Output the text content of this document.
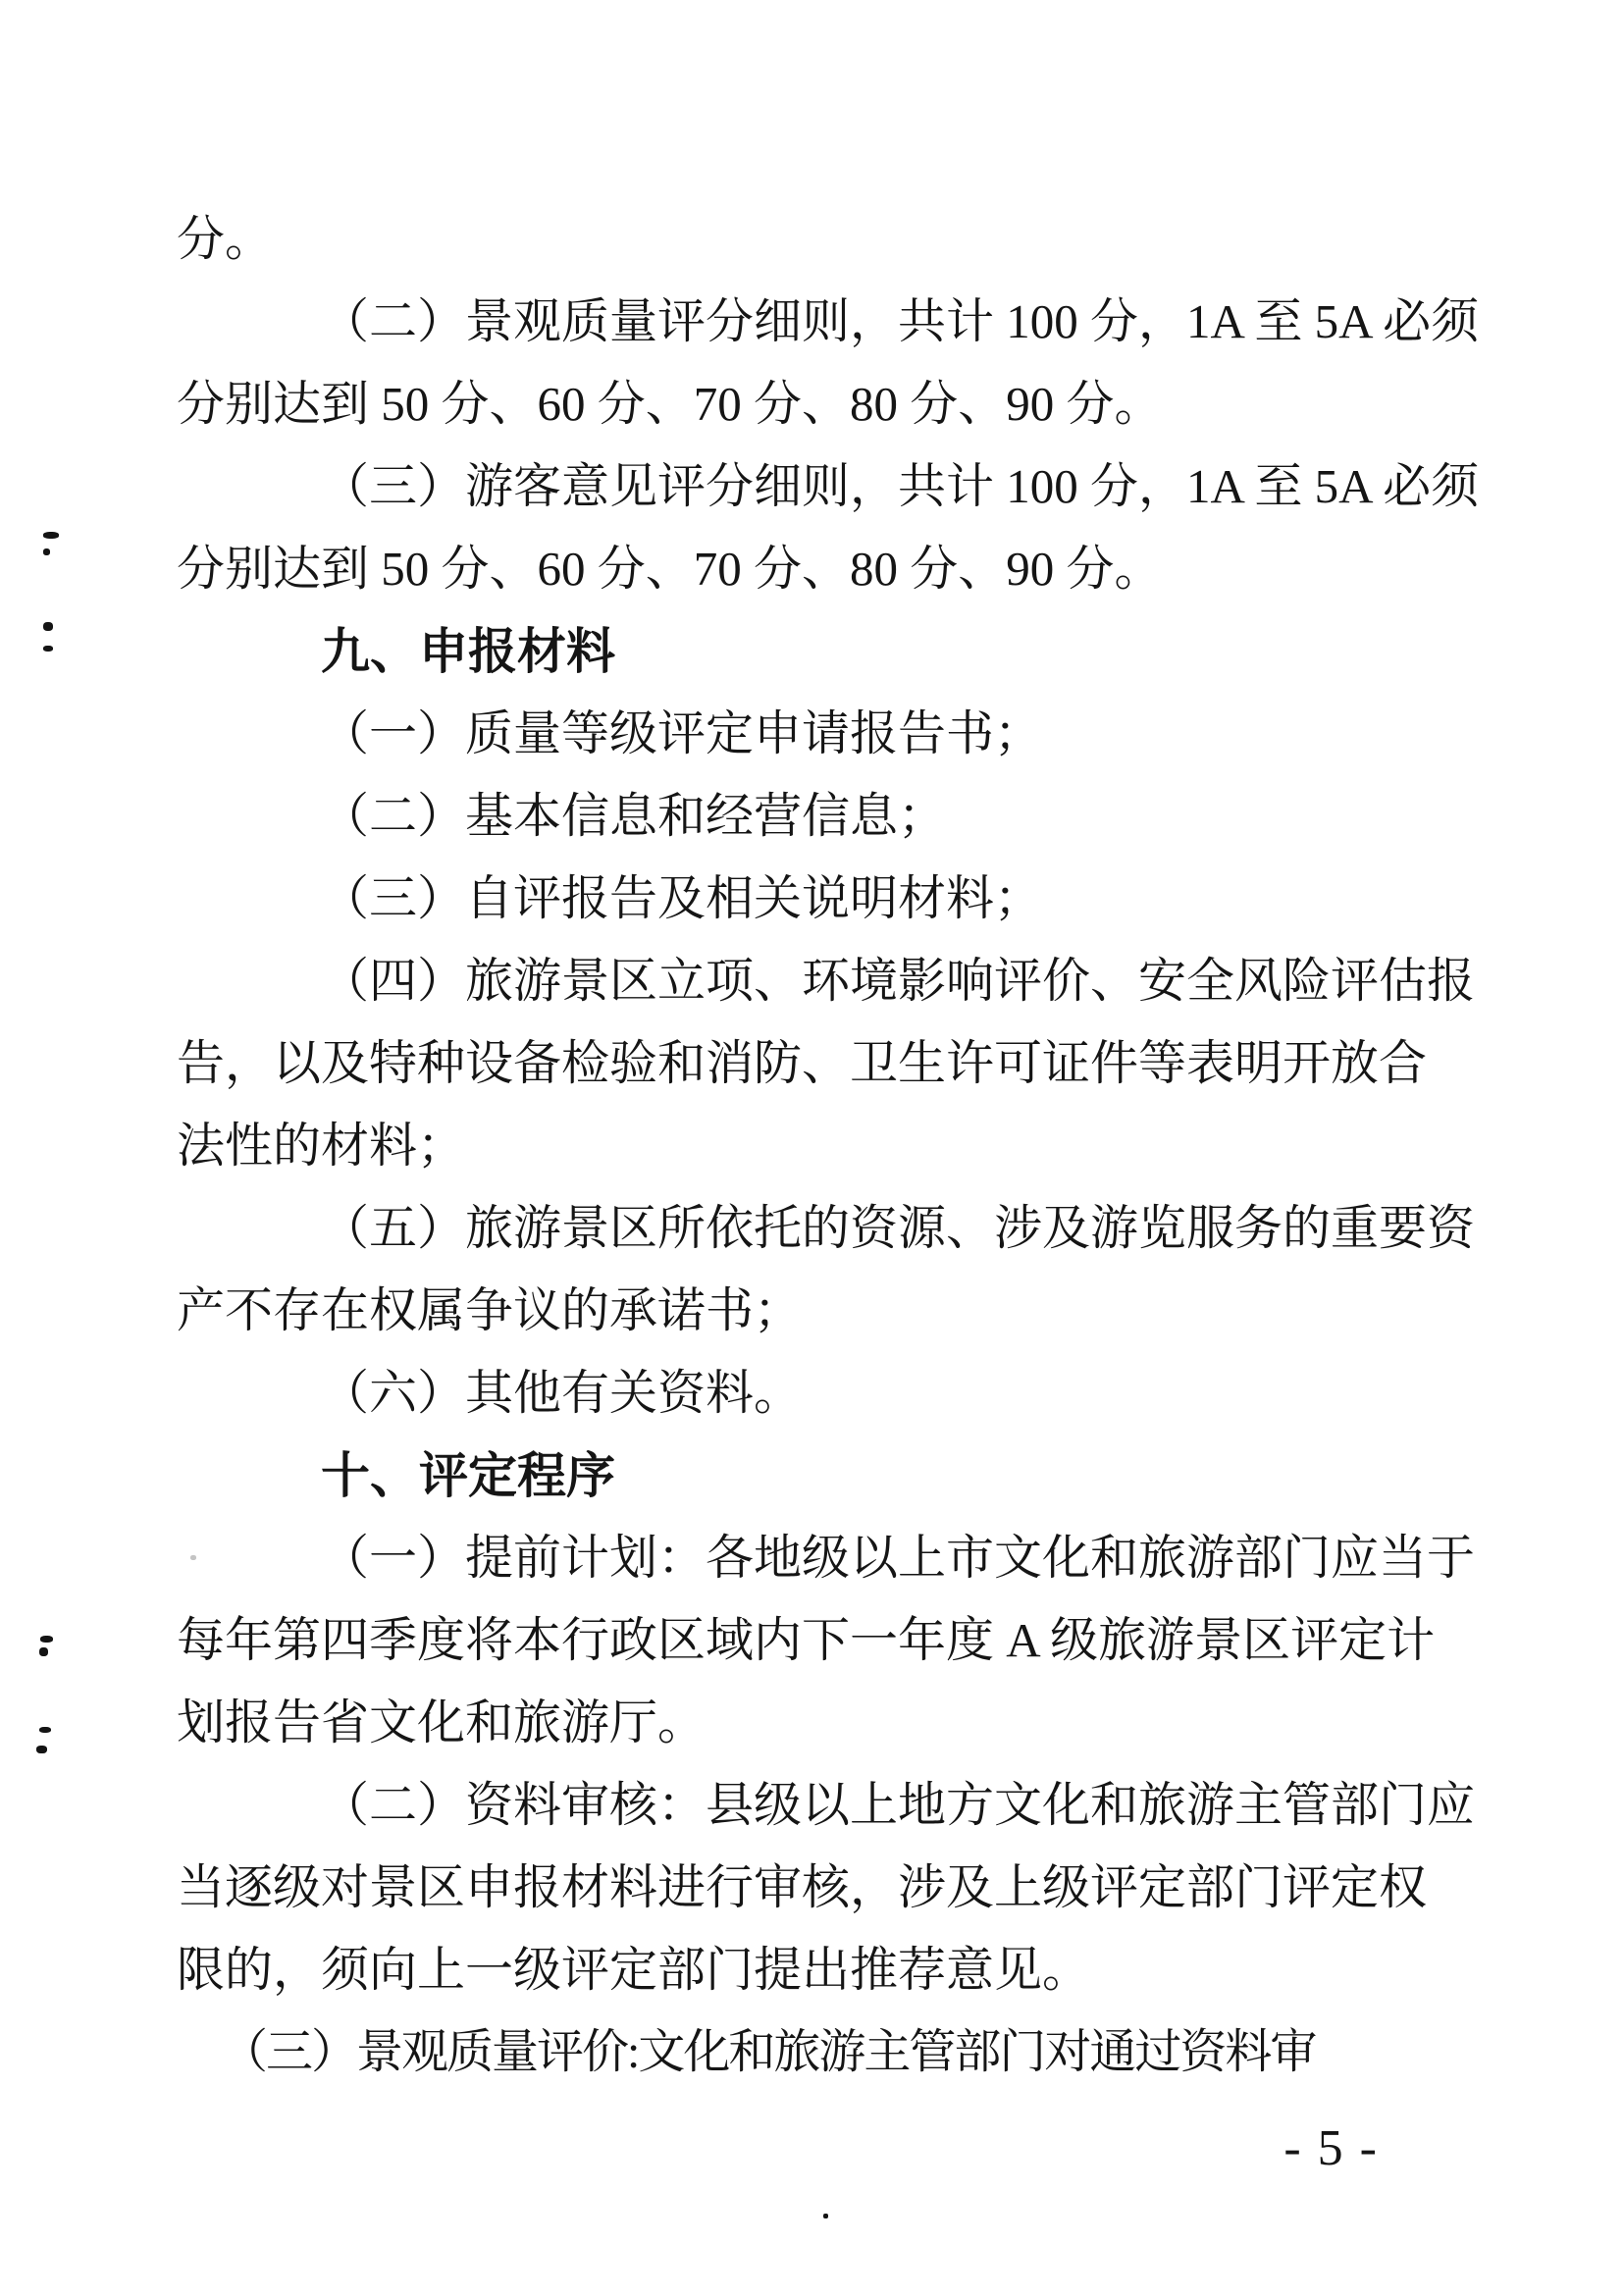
分。
（二）景观质量评分细则，共计 100 分，1A 至 5A 必须
分别达到 50 分、60 分、70 分、80 分、90 分。
（三）游客意见评分细则，共计 100 分，1A 至 5A 必须
分别达到 50 分、60 分、70 分、80 分、90 分。
九、申报材料
（一）质量等级评定申请报告书；
（二）基本信息和经营信息；
（三）自评报告及相关说明材料；
（四）旅游景区立项、环境影响评价、安全风险评估报
告，以及特种设备检验和消防、卫生许可证件等表明开放合
法性的材料；
（五）旅游景区所依托的资源、涉及游览服务的重要资
产不存在权属争议的承诺书；
（六）其他有关资料。
十、评定程序
（一）提前计划：各地级以上市文化和旅游部门应当于
每年第四季度将本行政区域内下一年度 A 级旅游景区评定计
划报告省文化和旅游厅。
（二）资料审核：县级以上地方文化和旅游主管部门应
当逐级对景区申报材料进行审核，涉及上级评定部门评定权
限的，须向上一级评定部门提出推荐意见。
（三）景观质量评价:文化和旅游主管部门对通过资料审
- 5 -
